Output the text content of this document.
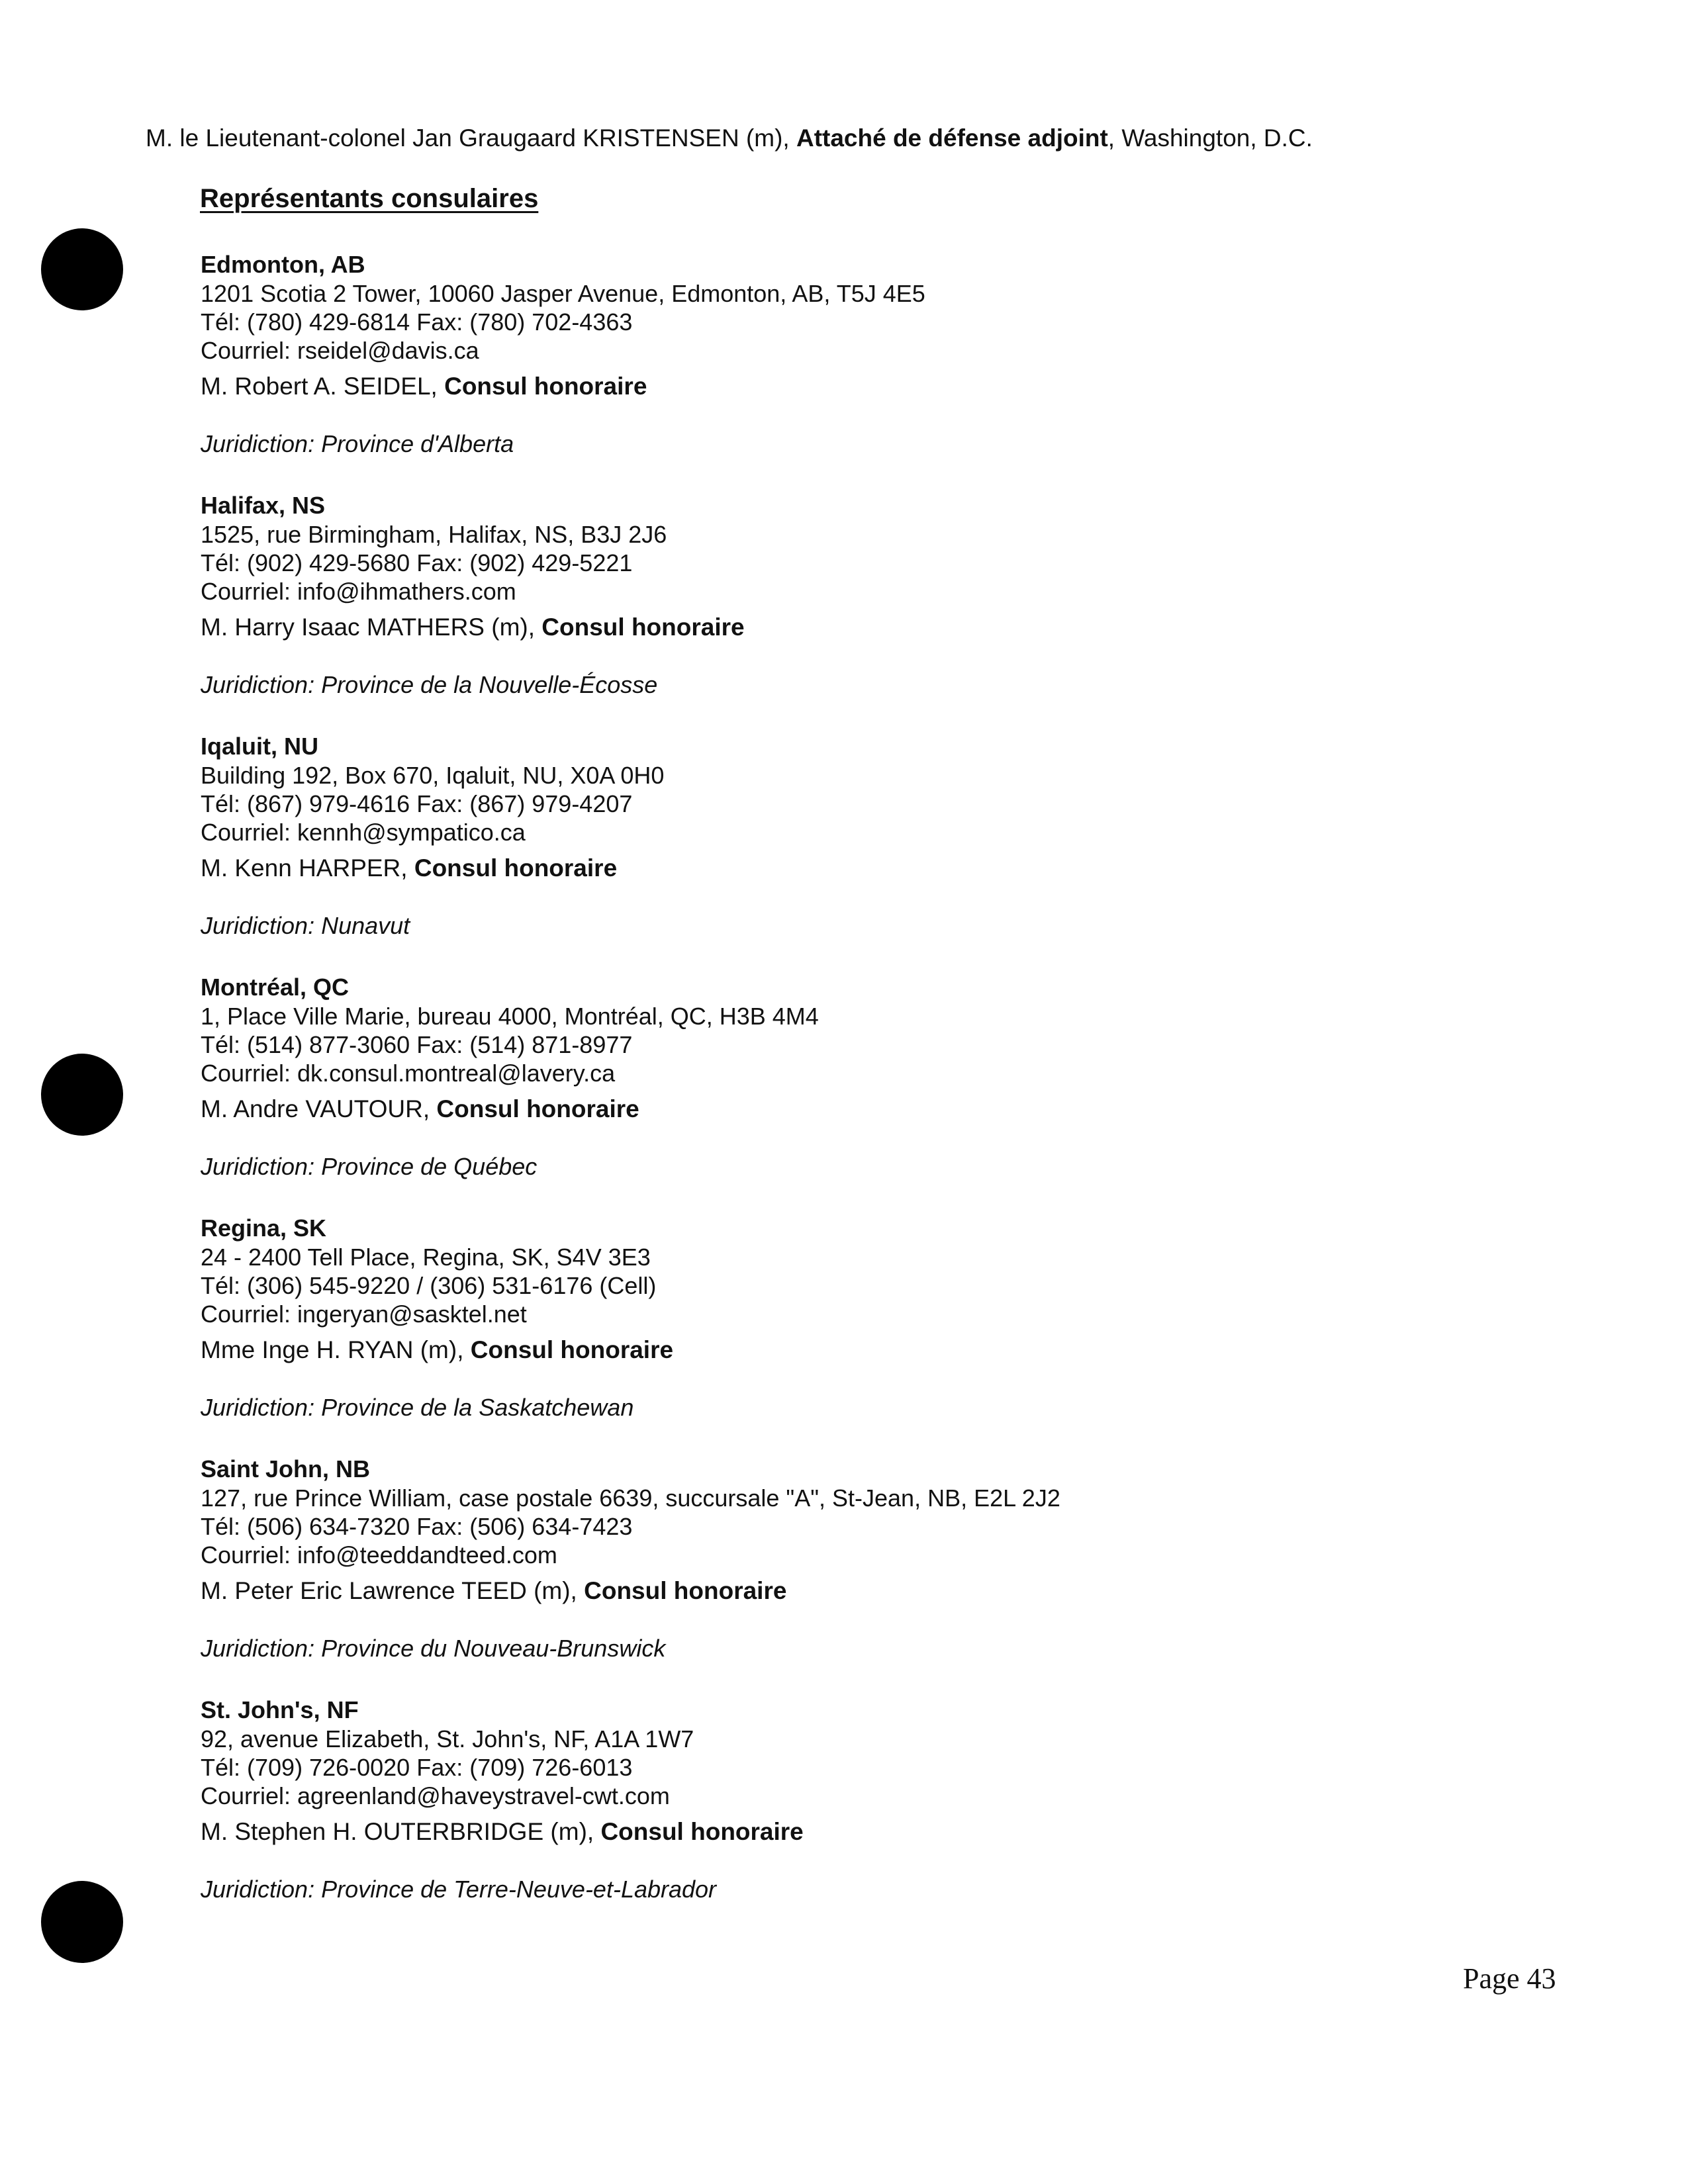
M. le Lieutenant-colonel Jan Graugaard KRISTENSEN (m), Attaché de défense adjoint, Washington, D.C.
Représentants consulaires
Edmonton, AB
1201 Scotia 2 Tower, 10060 Jasper Avenue, Edmonton, AB, T5J 4E5
Tél: (780) 429-6814 Fax: (780) 702-4363
Courriel: rseidel@davis.ca
M. Robert A. SEIDEL, Consul honoraire
Juridiction: Province d'Alberta
Halifax, NS
1525, rue Birmingham, Halifax, NS, B3J 2J6
Tél: (902) 429-5680 Fax: (902) 429-5221
Courriel: info@ihmathers.com
M. Harry Isaac MATHERS (m), Consul honoraire
Juridiction: Province de la Nouvelle-Écosse
Iqaluit, NU
Building 192, Box 670, Iqaluit, NU, X0A 0H0
Tél: (867) 979-4616 Fax: (867) 979-4207
Courriel: kennh@sympatico.ca
M. Kenn HARPER, Consul honoraire
Juridiction: Nunavut
Montréal, QC
1, Place Ville Marie, bureau 4000, Montréal, QC, H3B 4M4
Tél: (514) 877-3060 Fax: (514) 871-8977
Courriel: dk.consul.montreal@lavery.ca
M. Andre VAUTOUR, Consul honoraire
Juridiction: Province de Québec
Regina, SK
24 - 2400 Tell Place, Regina, SK, S4V 3E3
Tél: (306) 545-9220 / (306) 531-6176 (Cell)
Courriel: ingeryan@sasktel.net
Mme Inge H. RYAN (m), Consul honoraire
Juridiction: Province de la Saskatchewan
Saint John, NB
127, rue Prince William, case postale 6639, succursale "A", St-Jean, NB, E2L 2J2
Tél: (506) 634-7320 Fax: (506) 634-7423
Courriel: info@teeddandteed.com
M. Peter Eric Lawrence TEED (m), Consul honoraire
Juridiction: Province du Nouveau-Brunswick
St. John's, NF
92, avenue Elizabeth, St. John's, NF, A1A 1W7
Tél: (709) 726-0020 Fax: (709) 726-6013
Courriel: agreenland@haveystravel-cwt.com
M. Stephen H. OUTERBRIDGE (m), Consul honoraire
Juridiction: Province de Terre-Neuve-et-Labrador
Page 43
